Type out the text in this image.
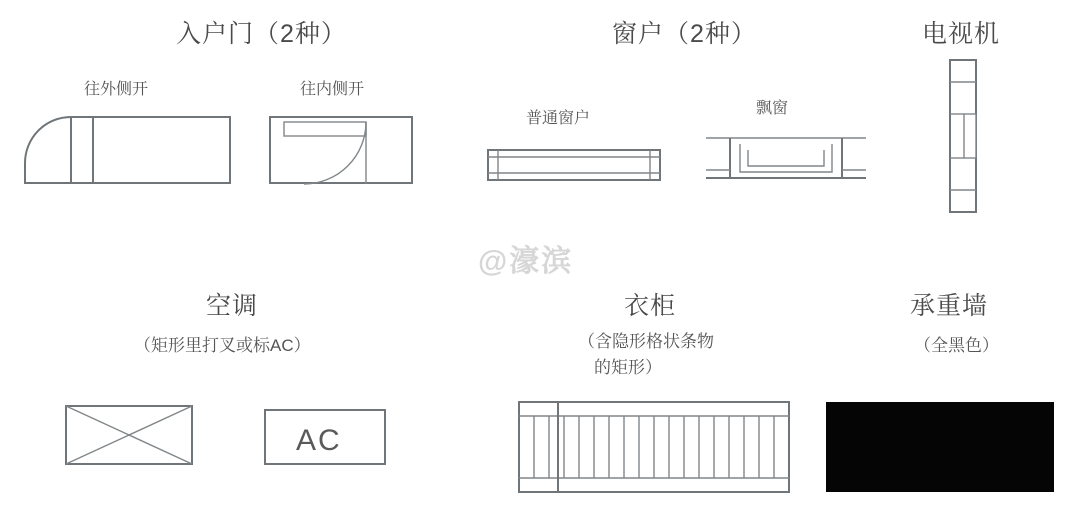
入户门（2种）
往外侧开	往内侧开
窗户（2种）
普通窗户
飘窗
电视机
@濠滨
空调
（矩形里打叉或标AC）
AC
衣柜
（含隐形格状条物
的矩形）
承重墙
（全黑色）
